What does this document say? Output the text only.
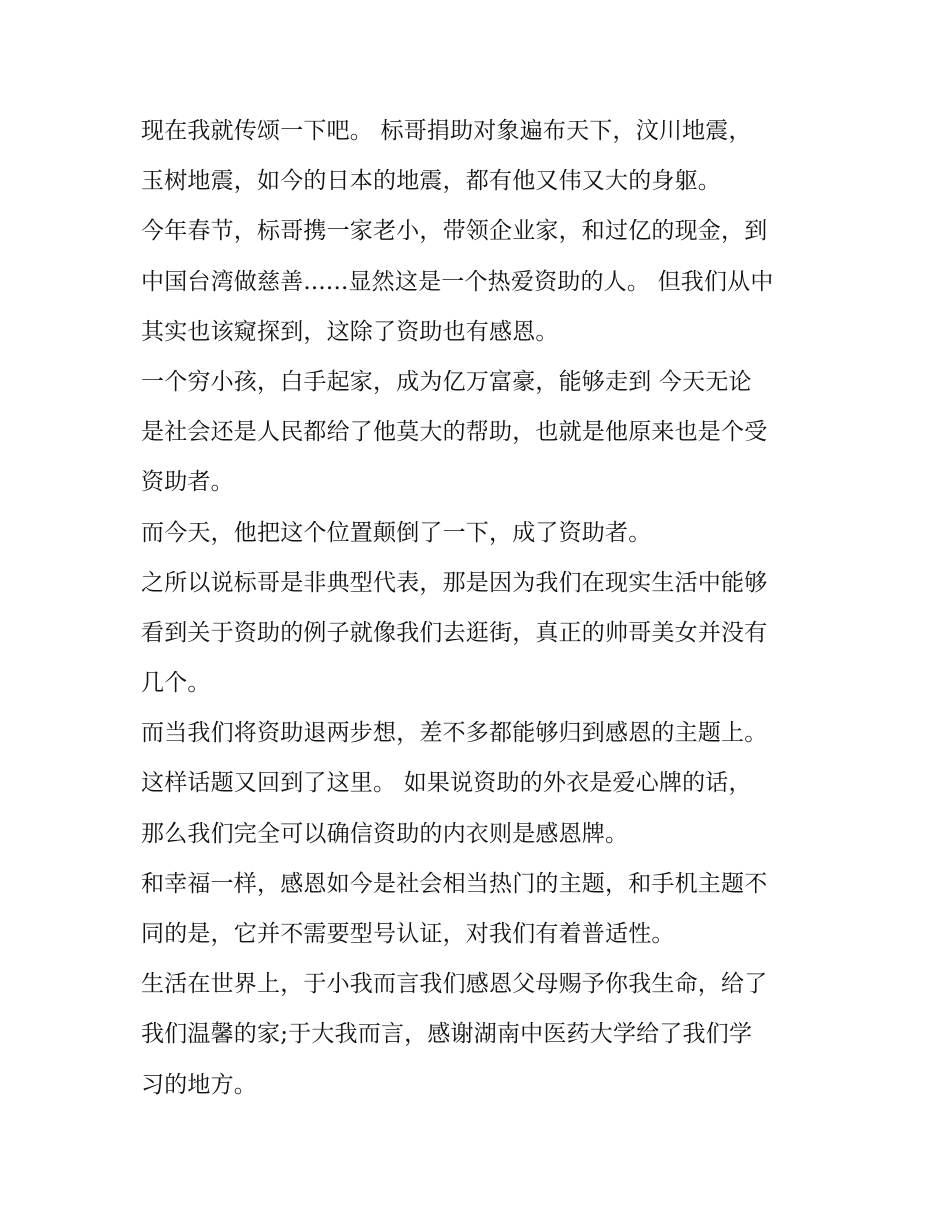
现在我就传颂一下吧。 标哥捐助对象遍布天下，汶川地震，
玉树地震，如今的日本的地震，都有他又伟又大的身躯。
今年春节，标哥携一家老小，带领企业家，和过亿的现金，到
中国台湾做慈善......显然这是一个热爱资助的人。 但我们从中
其实也该窥探到，这除了资助也有感恩。
一个穷小孩，白手起家，成为亿万富豪，能够走到 今天无论
是社会还是人民都给了他莫大的帮助，也就是他原来也是个受
资助者。
而今天，他把这个位置颠倒了一下，成了资助者。
之所以说标哥是非典型代表，那是因为我们在现实生活中能够
看到关于资助的例子就像我们去逛街，真正的帅哥美女并没有
几个。
而当我们将资助退两步想，差不多都能够归到感恩的主题上。
这样话题又回到了这里。 如果说资助的外衣是爱心牌的话，
那么我们完全可以确信资助的内衣则是感恩牌。
和幸福一样，感恩如今是社会相当热门的主题，和手机主题不
同的是，它并不需要型号认证，对我们有着普适性。
生活在世界上，于小我而言我们感恩父母赐予你我生命，给了
我们温馨的家;于大我而言，感谢湖南中医药大学给了我们学
习的地方。
